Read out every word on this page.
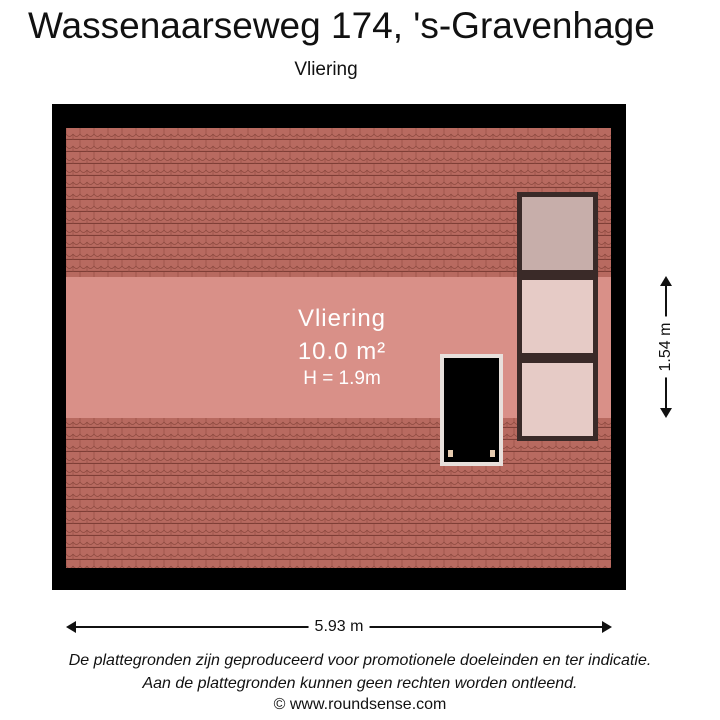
Wassenaarseweg 174, 's-Gravenhage
Vliering
Vliering
10.0 m²
H = 1.9m
5.93 m
1.54 m
De plattegronden zijn geproduceerd voor promotionele doeleinden en ter indicatie.
Aan de plattegronden kunnen geen rechten worden ontleend.
© www.roundsense.com
